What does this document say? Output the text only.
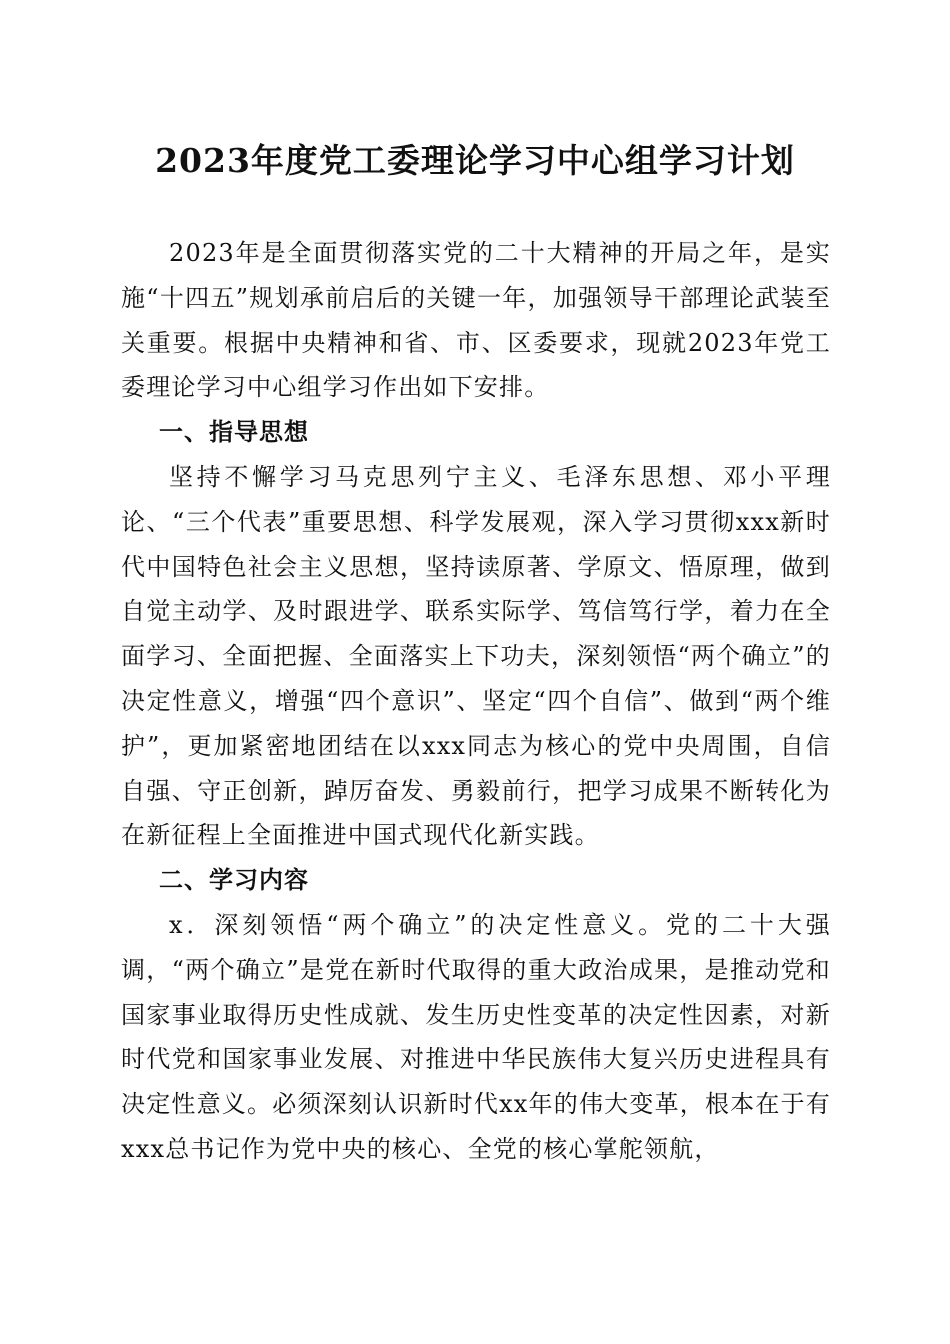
2023年度党工委理论学习中心组学习计划

2023年是全面贯彻落实党的二十大精神的开局之年，是实施“十四五”规划承前启后的关键一年，加强领导干部理论武装至关重要。根据中央精神和省、市、区委要求，现就2023年党工委理论学习中心组学习作出如下安排。

一、指导思想

坚持不懈学习马克思列宁主义、毛泽东思想、邓小平理论、“三个代表”重要思想、科学发展观，深入学习贯彻xxx新时代中国特色社会主义思想，坚持读原著、学原文、悟原理，做到自觉主动学、及时跟进学、联系实际学、笃信笃行学，着力在全面学习、全面把握、全面落实上下功夫，深刻领悟“两个确立”的决定性意义，增强“四个意识”、坚定“四个自信”、做到“两个维护”，更加紧密地团结在以xxx同志为核心的党中央周围，自信自强、守正创新，踔厉奋发、勇毅前行，把学习成果不断转化为在新征程上全面推进中国式现代化新实践。

二、学习内容

x．深刻领悟“两个确立”的决定性意义。党的二十大强调，“两个确立”是党在新时代取得的重大政治成果，是推动党和国家事业取得历史性成就、发生历史性变革的决定性因素，对新时代党和国家事业发展、对推进中华民族伟大复兴历史进程具有决定性意义。必须深刻认识新时代xx年的伟大变革，根本在于有xxx总书记作为党中央的核心、全党的核心掌舵领航，
